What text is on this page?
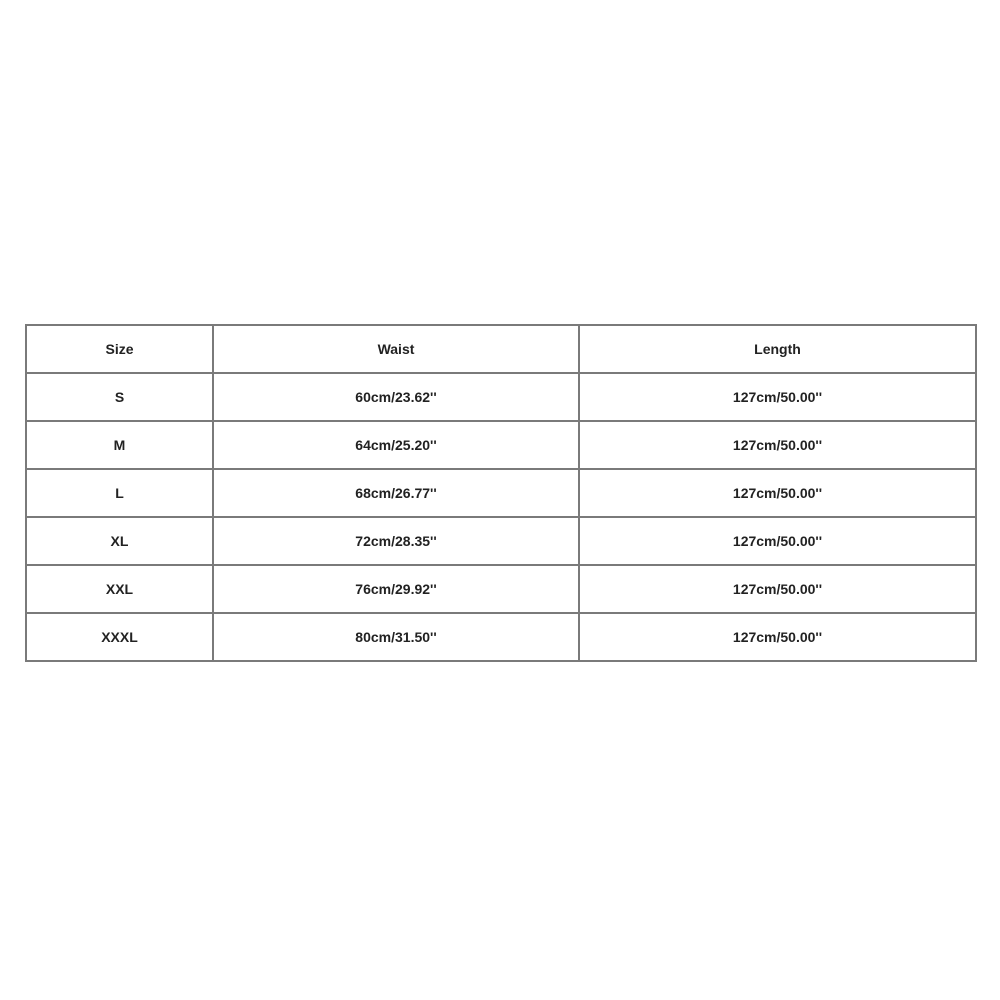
Size	Waist	Length
S	60cm/23.62''	127cm/50.00''
M	64cm/25.20''	127cm/50.00''
L	68cm/26.77''	127cm/50.00''
XL	72cm/28.35''	127cm/50.00''
XXL	76cm/29.92''	127cm/50.00''
XXXL	80cm/31.50''	127cm/50.00''
